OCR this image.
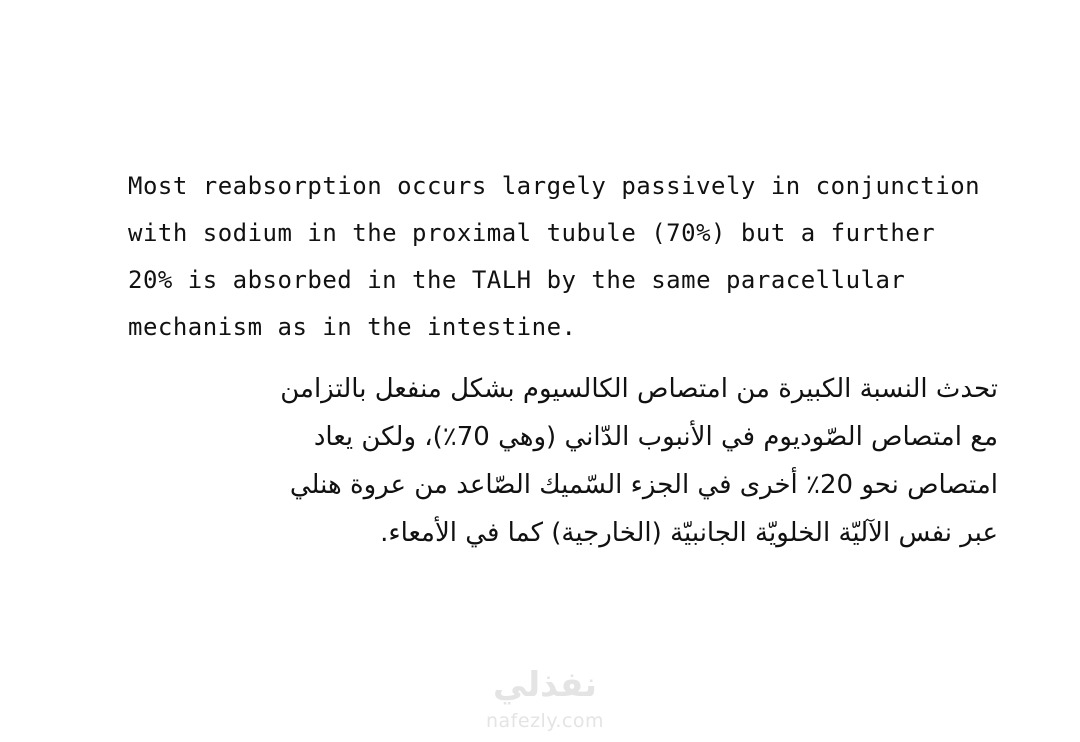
Most reabsorption occurs largely passively in conjunction
with sodium in the proximal tubule (70%) but a further
20% is absorbed in the TALH by the same paracellular
mechanism as in the intestine.

تحدث النسبة الكبيرة من امتصاص الكالسيوم بشكل منفعل بالتزامن
مع امتصاص الصّوديوم في الأنبوب الدّاني (وهي 70٪)، ولكن يعاد
امتصاص نحو 20٪ أخرى في الجزء السّميك الصّاعد من عروة هنلي
عبر نفس الآليّة الخلويّة الجانبيّة (الخارجية) كما في الأمعاء.

نفذلي
nafezly.com
